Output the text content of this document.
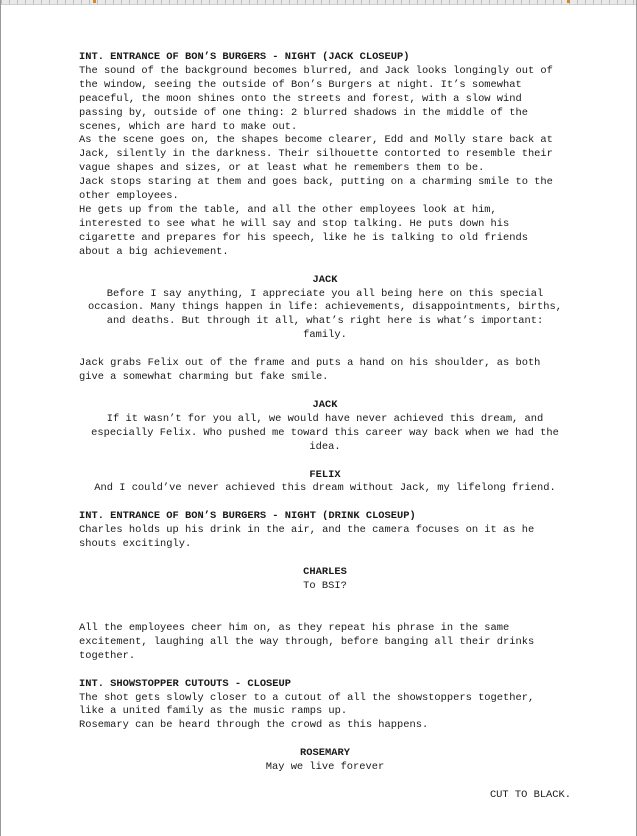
INT. ENTRANCE OF BON’S BURGERS - NIGHT (JACK CLOSEUP)
The sound of the background becomes blurred, and Jack looks longingly out of
the window, seeing the outside of Bon’s Burgers at night. It’s somewhat
peaceful, the moon shines onto the streets and forest, with a slow wind
passing by, outside of one thing: 2 blurred shadows in the middle of the
scenes, which are hard to make out.
As the scene goes on, the shapes become clearer, Edd and Molly stare back at
Jack, silently in the darkness. Their silhouette contorted to resemble their
vague shapes and sizes, or at least what he remembers them to be.
Jack stops staring at them and goes back, putting on a charming smile to the
other employees.
He gets up from the table, and all the other employees look at him,
interested to see what he will say and stop talking. He puts down his
cigarette and prepares for his speech, like he is talking to old friends
about a big achievement.
JACK
Before I say anything, I appreciate you all being here on this special
occasion. Many things happen in life: achievements, disappointments, births,
and deaths. But through it all, what’s right here is what’s important:
family.
Jack grabs Felix out of the frame and puts a hand on his shoulder, as both
give a somewhat charming but fake smile.
JACK
If it wasn’t for you all, we would have never achieved this dream, and
especially Felix. Who pushed me toward this career way back when we had the
idea.
FELIX
And I could’ve never achieved this dream without Jack, my lifelong friend.
INT. ENTRANCE OF BON’S BURGERS - NIGHT (DRINK CLOSEUP)
Charles holds up his drink in the air, and the camera focuses on it as he
shouts excitingly.
CHARLES
To BSI?
All the employees cheer him on, as they repeat his phrase in the same
excitement, laughing all the way through, before banging all their drinks
together.
INT. SHOWSTOPPER CUTOUTS - CLOSEUP
The shot gets slowly closer to a cutout of all the showstoppers together,
like a united family as the music ramps up.
Rosemary can be heard through the crowd as this happens.
ROSEMARY
May we live forever
CUT TO BLACK.
